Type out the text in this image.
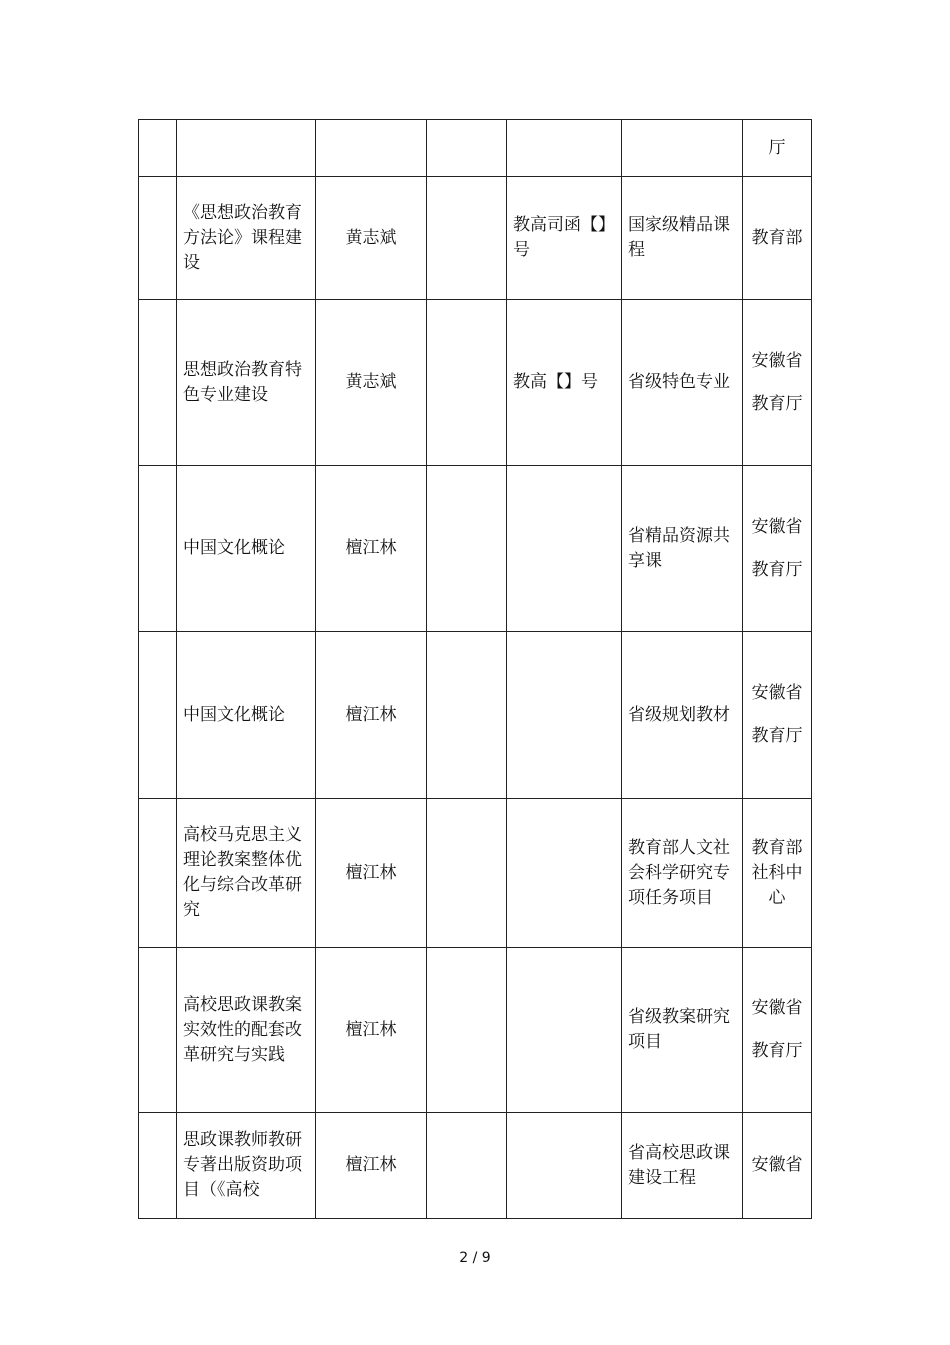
						厅

	《思想政治教育方法论》课程建设	黄志斌		教高司函【】号	国家级精品课程	教育部

	思想政治教育特色专业建设	黄志斌		教高【】号	省级特色专业	安徽省
教育厅

	中国文化概论	檀江林			省精品资源共享课	安徽省
教育厅

	中国文化概论	檀江林			省级规划教材	安徽省
教育厅

	高校马克思主义理论教案整体优化与综合改革研究	檀江林			教育部人文社会科学研究专项任务项目	教育部社科中心

	高校思政课教案实效性的配套改革研究与实践	檀江林			省级教案研究项目	安徽省
教育厅

	思政课教师教研专著出版资助项目（《高校	檀江林			省高校思政课建设工程	安徽省
2 / 9
